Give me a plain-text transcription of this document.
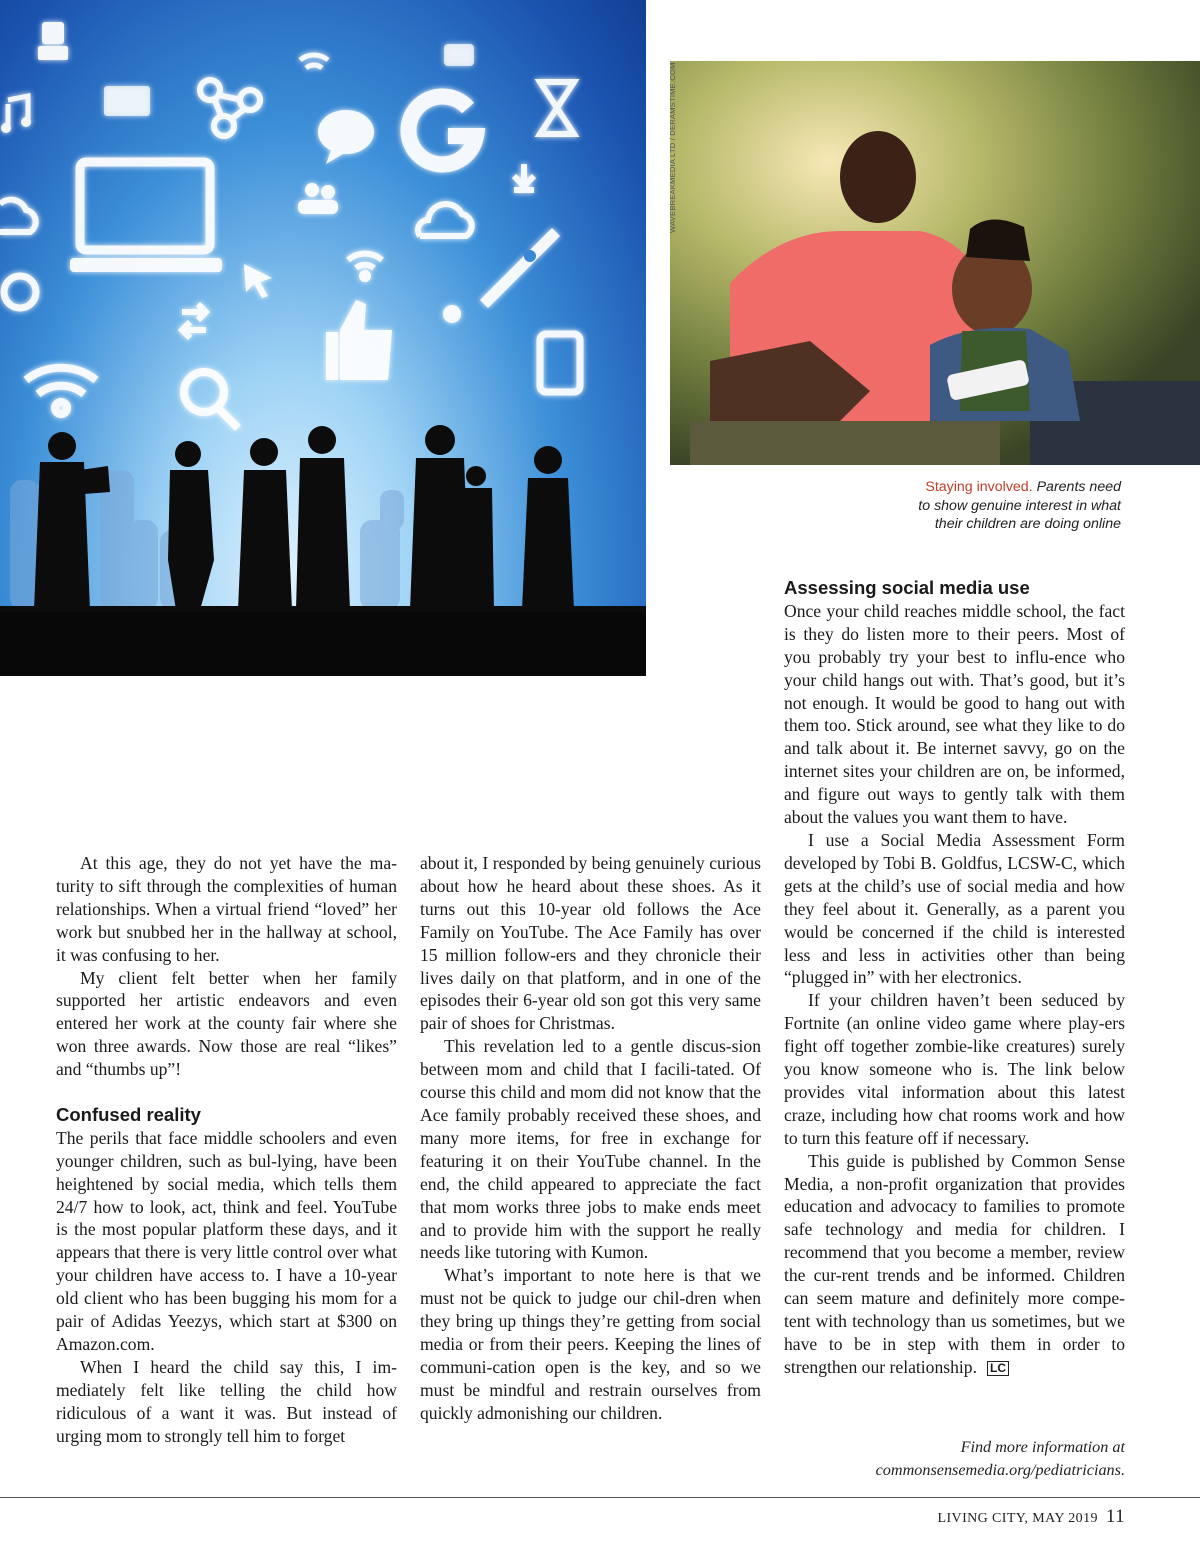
WAVEBREAKMEDIA LTD / DERAMSTIME.COM
Staying involved. Parents need
to show genuine interest in what
their children are doing online

At this age, they do not yet have the ma-turity to sift through the complexities of human relationships. When a virtual friend “loved” her work but snubbed her in the hallway at school, it was confusing to her.

My client felt better when her family supported her artistic endeavors and even entered her work at the county fair where she won three awards. Now those are real “likes” and “thumbs up”!

Confused reality

The perils that face middle schoolers and even younger children, such as bul-lying, have been heightened by social media, which tells them 24/7 how to look, act, think and feel. YouTube is the most popular platform these days, and it appears that there is very little control over what your children have access to. I have a 10-year old client who has been bugging his mom for a pair of Adidas Yeezys, which start at $300 on Amazon.com.

When I heard the child say this, I im-mediately felt like telling the child how ridiculous of a want it was. But instead of urging mom to strongly tell him to forget

about it, I responded by being genuinely curious about how he heard about these shoes. As it turns out this 10-year old follows the Ace Family on YouTube. The Ace Family has over 15 million follow-ers and they chronicle their lives daily on that platform, and in one of the episodes their 6-year old son got this very same pair of shoes for Christmas.

This revelation led to a gentle discus-sion between mom and child that I facili-tated. Of course this child and mom did not know that the Ace family probably received these shoes, and many more items, for free in exchange for featuring it on their YouTube channel. In the end, the child appeared to appreciate the fact that mom works three jobs to make ends meet and to provide him with the support he really needs like tutoring with Kumon.

What’s important to note here is that we must not be quick to judge our chil-dren when they bring up things they’re getting from social media or from their peers. Keeping the lines of communi-cation open is the key, and so we must be mindful and restrain ourselves from quickly admonishing our children.

Assessing social media use

Once your child reaches middle school, the fact is they do listen more to their peers. Most of you probably try your best to influ-ence who your child hangs out with. That’s good, but it’s not enough. It would be good to hang out with them too. Stick around, see what they like to do and talk about it. Be internet savvy, go on the internet sites your children are on, be informed, and figure out ways to gently talk with them about the values you want them to have.

I use a Social Media Assessment Form developed by Tobi B. Goldfus, LCSW-C, which gets at the child’s use of social media and how they feel about it. Generally, as a parent you would be concerned if the child is interested less and less in activities other than being “plugged in” with her electronics.

If your children haven’t been seduced by Fortnite (an online video game where play-ers fight off together zombie-like creatures) surely you know someone who is. The link below provides vital information about this latest craze, including how chat rooms work and how to turn this feature off if necessary.

This guide is published by Common Sense Media, a non-profit organization that provides education and advocacy to families to promote safe technology and media for children. I recommend that you become a member, review the cur-rent trends and be informed. Children can seem mature and definitely more compe-tent with technology than us sometimes, but we have to be in step with them in order to strengthen our relationship. LC

Find more information at
commonsensemedia.org/pediatricians.
LIVING CITY, MAY 2019 11
